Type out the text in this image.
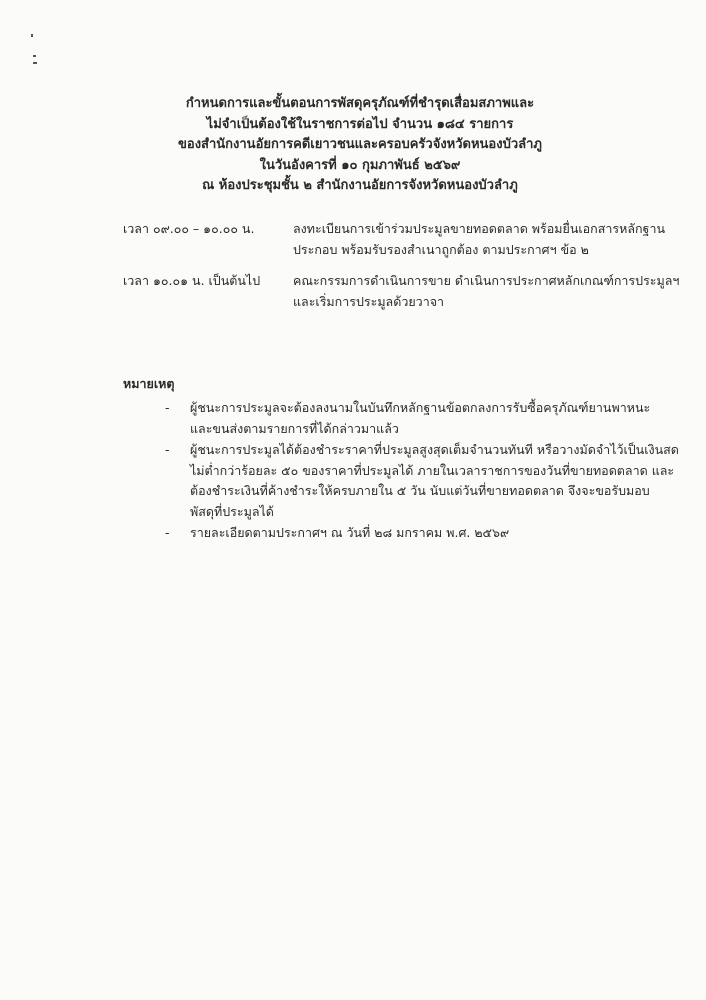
กำหนดการและขั้นตอนการพัสดุครุภัณฑ์ที่ชำรุดเสื่อมสภาพและ
ไม่จำเป็นต้องใช้ในราชการต่อไป จำนวน ๑๘๔ รายการ
ของสำนักงานอัยการคดีเยาวชนและครอบครัวจังหวัดหนองบัวลำภู
ในวันอังคารที่ ๑๐ กุมภาพันธ์ ๒๕๖๙
ณ ห้องประชุมชั้น ๒ สำนักงานอัยการจังหวัดหนองบัวลำภู
เวลา ๐๙.๐๐ – ๑๐.๐๐ น.	ลงทะเบียนการเข้าร่วมประมูลขายทอดตลาด พร้อมยื่นเอกสารหลักฐาน
ประกอบ พร้อมรับรองสำเนาถูกต้อง ตามประกาศฯ ข้อ ๒
เวลา ๑๐.๐๑ น. เป็นต้นไป	คณะกรรมการดำเนินการขาย ดำเนินการประกาศหลักเกณฑ์การประมูลฯ
และเริ่มการประมูลด้วยวาจา
หมายเหตุ
- ผู้ชนะการประมูลจะต้องลงนามในบันทึกหลักฐานข้อตกลงการรับซื้อครุภัณฑ์ยานพาหนะ
และขนส่งตามรายการที่ได้กล่าวมาแล้ว
- ผู้ชนะการประมูลได้ต้องชำระราคาที่ประมูลสูงสุดเต็มจำนวนทันที หรือวางมัดจำไว้เป็นเงินสด
ไม่ต่ำกว่าร้อยละ ๕๐ ของราคาที่ประมูลได้ ภายในเวลาราชการของวันที่ขายทอดตลาด และ
ต้องชำระเงินที่ค้างชำระให้ครบภายใน ๕ วัน นับแต่วันที่ขายทอดตลาด จึงจะขอรับมอบ
พัสดุที่ประมูลได้
- รายละเอียดตามประกาศฯ ณ วันที่ ๒๘ มกราคม พ.ศ. ๒๕๖๙
